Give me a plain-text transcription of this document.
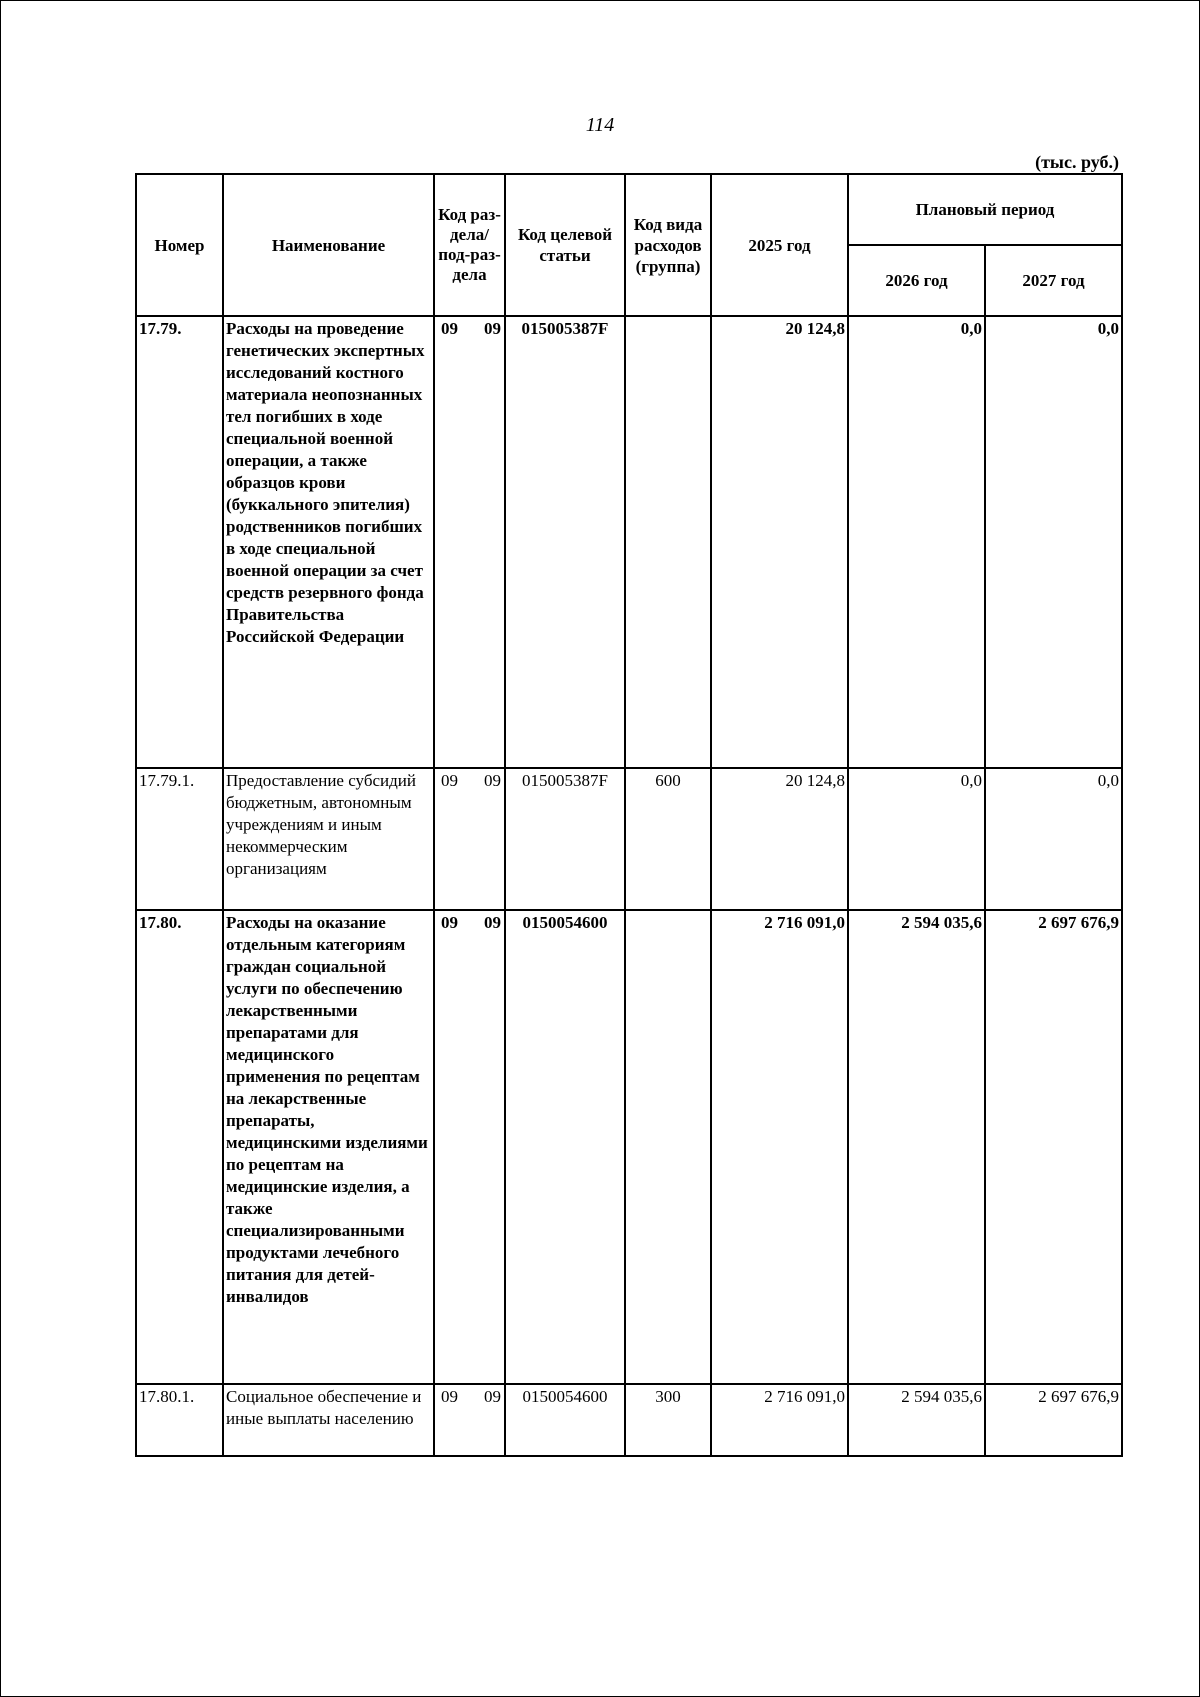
114
(тыс. руб.)
Номер	Наименование	Код раз-дела/ под-раз-дела	Код целевой статьи	Код вида расходов (группа)	2025 год	Плановый период	
						2026 год	2027 год
17.79.	Расходы на проведение генетических экспертных исследований костного материала неопознанных тел погибших в ходе специальной военной операции, а также образцов крови (буккального эпителия) родственников погибших в ходе специальной военной операции за счет средств резервного фонда Правительства Российской Федерации	09 09	015005387F		20 124,8	0,0	0,0
17.79.1.	Предоставление субсидий бюджетным, автономным учреждениям и иным некоммерческим организациям	09 09	015005387F	600	20 124,8	0,0	0,0
17.80.	Расходы на оказание отдельным категориям граждан социальной услуги по обеспечению лекарственными препаратами для медицинского применения по рецептам на лекарственные препараты, медицинскими изделиями по рецептам на медицинские изделия, а также специализированными продуктами лечебного питания для детей-инвалидов	09 09	0150054600		2 716 091,0	2 594 035,6	2 697 676,9
17.80.1.	Социальное обеспечение и иные выплаты населению	09 09	0150054600	300	2 716 091,0	2 594 035,6	2 697 676,9
